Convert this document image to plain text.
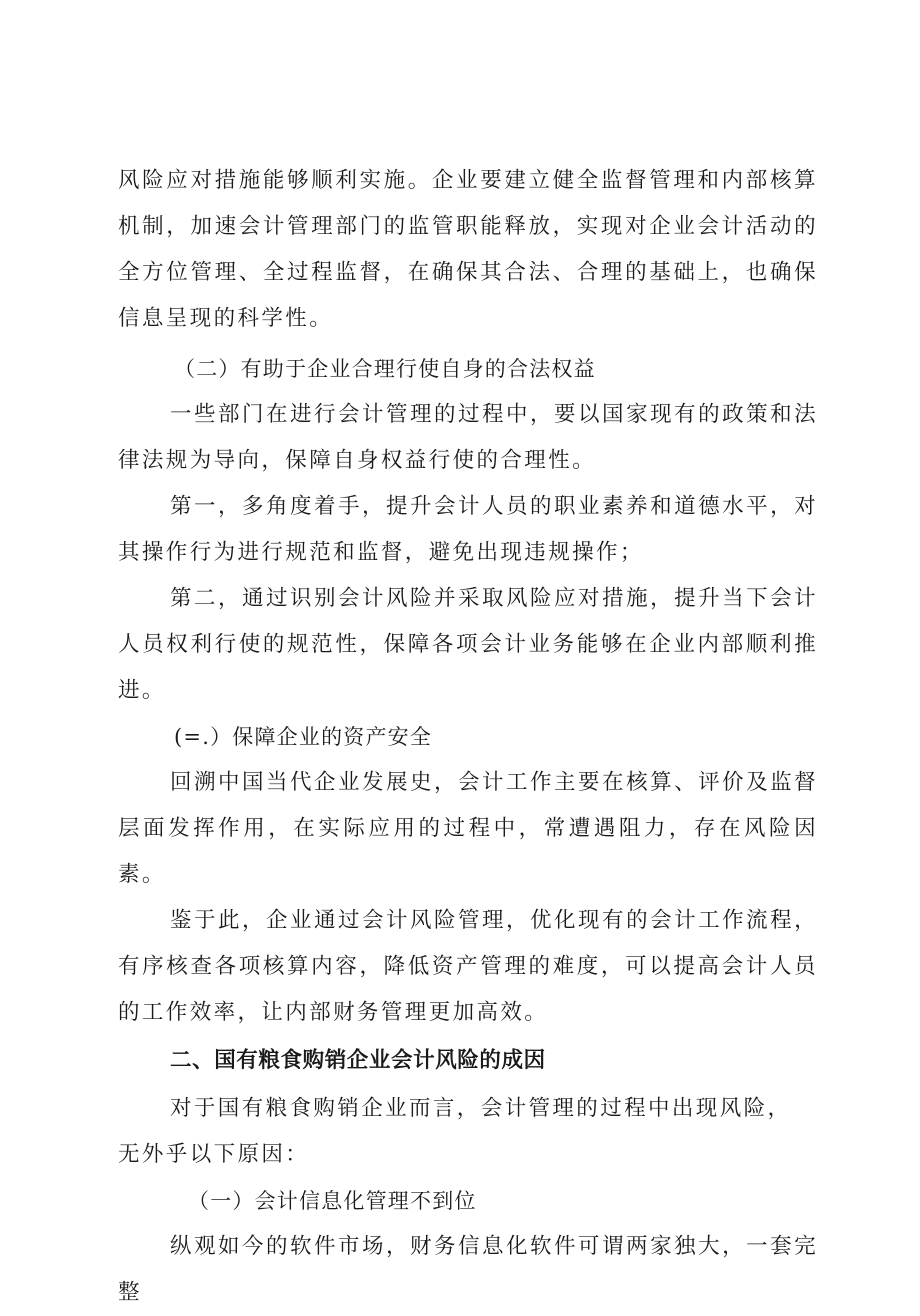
风险应对措施能够顺利实施。企业要建立健全监督管理和内部核算机制，加速会计管理部门的监管职能释放，实现对企业会计活动的全方位管理、全过程监督，在确保其合法、合理的基础上，也确保信息呈现的科学性。

（二）有助于企业合理行使自身的合法权益

一些部门在进行会计管理的过程中，要以国家现有的政策和法律法规为导向，保障自身权益行使的合理性。

第一，多角度着手，提升会计人员的职业素养和道德水平，对其操作行为进行规范和监督，避免出现违规操作；

第二，通过识别会计风险并采取风险应对措施，提升当下会计人员权利行使的规范性，保障各项会计业务能够在企业内部顺利推进。

(=.）保障企业的资产安全

回溯中国当代企业发展史，会计工作主要在核算、评价及监督层面发挥作用，在实际应用的过程中，常遭遇阻力，存在风险因素。

鉴于此，企业通过会计风险管理，优化现有的会计工作流程，有序核查各项核算内容，降低资产管理的难度，可以提高会计人员的工作效率，让内部财务管理更加高效。

二、国有粮食购销企业会计风险的成因

对于国有粮食购销企业而言，会计管理的过程中出现风险，

无外乎以下原因：

（一）会计信息化管理不到位

纵观如今的软件市场，财务信息化软件可谓两家独大，一套完整
